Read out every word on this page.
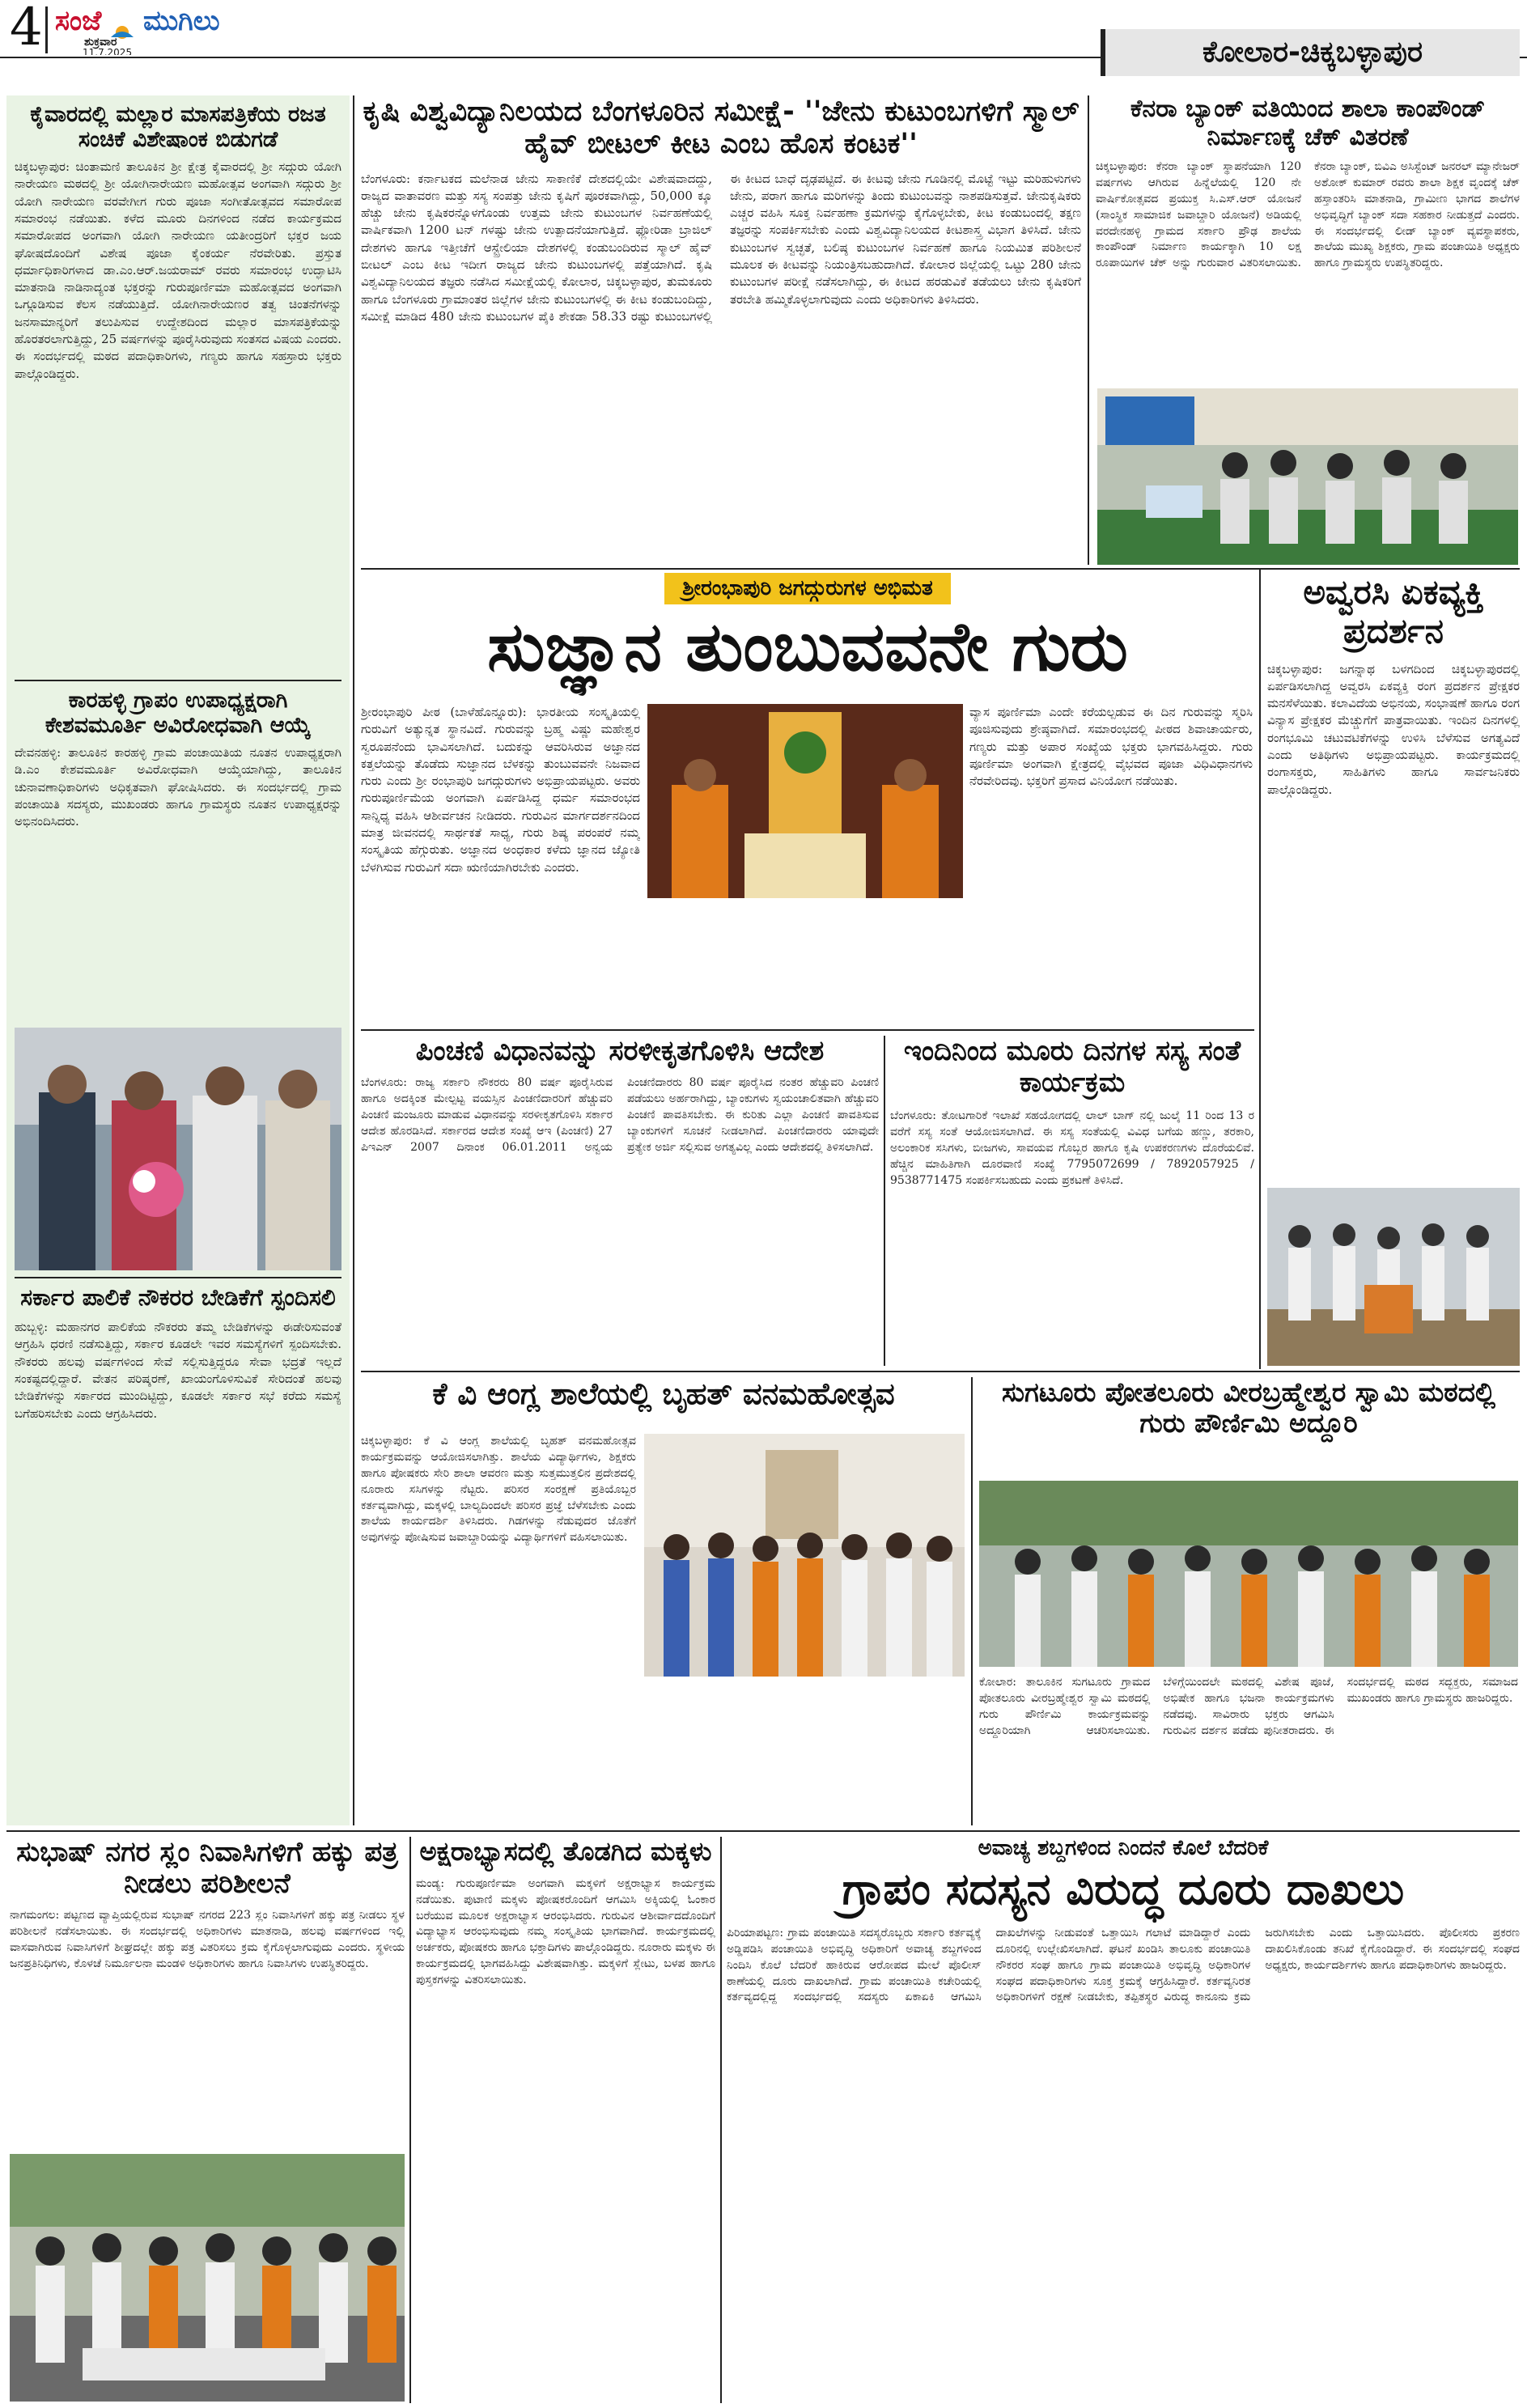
4 ಸಂಜೆ ಮುಗಿಲು
ಶುಕ್ರವಾರ
11.7.2025	ಕೋಲಾರ-ಚಿಕ್ಕಬಳ್ಳಾಪುರ
ಕೈವಾರದಲ್ಲಿ ಮಲ್ಲಾರ ಮಾಸಪತ್ರಿಕೆಯ ರಜತ ಸಂಚಿಕೆ ವಿಶೇಷಾಂಕ ಬಿಡುಗಡೆ
ಚಿಕ್ಕಬಳ್ಳಾಪುರ: ಚಿಂತಾಮಣಿ ತಾಲೂಕಿನ ಶ್ರೀ ಕ್ಷೇತ್ರ ಕೈವಾರದಲ್ಲಿ ಶ್ರೀ ಸದ್ಗುರು ಯೋಗಿ ನಾರೇಯಣ ಮಠದಲ್ಲಿ ಶ್ರೀ ಯೋಗಿನಾರೇಯಣ ಮಹೋತ್ಸವ ಅಂಗವಾಗಿ ಸದ್ಗುರು ಶ್ರೀ ಯೋಗಿ ನಾರೇಯಣ ವರವೇಗೀಗ ಗುರು ಪೂಜಾ ಸಂಗೀತೋತ್ಸವದ ಸಮಾರೋಪ ಸಮಾರಂಭ ನಡೆಯಿತು. ಕಳೆದ ಮೂರು ದಿನಗಳಿಂದ ನಡೆದ ಕಾರ್ಯಕ್ರಮದ ಸಮಾರೋಪದ ಅಂಗವಾಗಿ ಯೋಗಿ ನಾರೇಯಣ ಯತೀಂದ್ರರಿಗೆ ಭಕ್ತರ ಜಯ ಘೋಷದೊಂದಿಗೆ ವಿಶೇಷ ಪೂಜಾ ಕೈಂಕರ್ಯ ನೆರವೇರಿತು. ಪ್ರಸ್ತುತ ಧರ್ಮಾಧಿಕಾರಿಗಳಾದ ಡಾ.ಎಂ.ಆರ್.ಜಯರಾಮ್ ರವರು ಸಮಾರಂಭ ಉದ್ಘಾಟಿಸಿ ಮಾತನಾಡಿ ನಾಡಿನಾದ್ಯಂತ ಭಕ್ತರನ್ನು ಗುರುಪೂರ್ಣಿಮಾ ಮಹೋತ್ಸವದ ಅಂಗವಾಗಿ ಒಗ್ಗೂಡಿಸುವ ಕೆಲಸ ನಡೆಯುತ್ತಿದೆ. ಯೋಗಿನಾರೇಯಣರ ತತ್ವ ಚಿಂತನೆಗಳನ್ನು ಜನಸಾಮಾನ್ಯರಿಗೆ ತಲುಪಿಸುವ ಉದ್ದೇಶದಿಂದ ಮಲ್ಲಾರ ಮಾಸಪತ್ರಿಕೆಯನ್ನು ಹೊರತರಲಾಗುತ್ತಿದ್ದು, 25 ವರ್ಷಗಳನ್ನು ಪೂರೈಸಿರುವುದು ಸಂತಸದ ವಿಷಯ ಎಂದರು. ಈ ಸಂದರ್ಭದಲ್ಲಿ ಮಠದ ಪದಾಧಿಕಾರಿಗಳು, ಗಣ್ಯರು ಹಾಗೂ ಸಹಸ್ರಾರು ಭಕ್ತರು ಪಾಲ್ಗೊಂಡಿದ್ದರು.
ಕಾರಹಳ್ಳಿ ಗ್ರಾಪಂ ಉಪಾಧ್ಯಕ್ಷರಾಗಿ ಕೇಶವಮೂರ್ತಿ ಅವಿರೋಧವಾಗಿ ಆಯ್ಕೆ
ದೇವನಹಳ್ಳಿ: ತಾಲೂಕಿನ ಕಾರಹಳ್ಳಿ ಗ್ರಾಮ ಪಂಚಾಯಿತಿಯ ನೂತನ ಉಪಾಧ್ಯಕ್ಷರಾಗಿ ಡಿ.ಎಂ ಕೇಶವಮೂರ್ತಿ ಅವಿರೋಧವಾಗಿ ಆಯ್ಕೆಯಾಗಿದ್ದು, ತಾಲೂಕಿನ ಚುನಾವಣಾಧಿಕಾರಿಗಳು ಅಧಿಕೃತವಾಗಿ ಘೋಷಿಸಿದರು. ಈ ಸಂದರ್ಭದಲ್ಲಿ ಗ್ರಾಮ ಪಂಚಾಯಿತಿ ಸದಸ್ಯರು, ಮುಖಂಡರು ಹಾಗೂ ಗ್ರಾಮಸ್ಥರು ನೂತನ ಉಪಾಧ್ಯಕ್ಷರನ್ನು ಅಭಿನಂದಿಸಿದರು.
ಸರ್ಕಾರ ಪಾಲಿಕೆ ನೌಕರರ ಬೇಡಿಕೆಗೆ ಸ್ಪಂದಿಸಲಿ
ಹುಬ್ಬಳ್ಳಿ: ಮಹಾನಗರ ಪಾಲಿಕೆಯ ನೌಕರರು ತಮ್ಮ ಬೇಡಿಕೆಗಳನ್ನು ಈಡೇರಿಸುವಂತೆ ಆಗ್ರಹಿಸಿ ಧರಣಿ ನಡೆಸುತ್ತಿದ್ದು, ಸರ್ಕಾರ ಕೂಡಲೇ ಇವರ ಸಮಸ್ಯೆಗಳಿಗೆ ಸ್ಪಂದಿಸಬೇಕು. ನೌಕರರು ಹಲವು ವರ್ಷಗಳಿಂದ ಸೇವೆ ಸಲ್ಲಿಸುತ್ತಿದ್ದರೂ ಸೇವಾ ಭದ್ರತೆ ಇಲ್ಲದೆ ಸಂಕಷ್ಟದಲ್ಲಿದ್ದಾರೆ. ವೇತನ ಪರಿಷ್ಕರಣೆ, ಖಾಯಂಗೊಳಿಸುವಿಕೆ ಸೇರಿದಂತೆ ಹಲವು ಬೇಡಿಕೆಗಳನ್ನು ಸರ್ಕಾರದ ಮುಂದಿಟ್ಟಿದ್ದು, ಕೂಡಲೇ ಸರ್ಕಾರ ಸಭೆ ಕರೆದು ಸಮಸ್ಯೆ ಬಗೆಹರಿಸಬೇಕು ಎಂದು ಆಗ್ರಹಿಸಿದರು.
ಕೃಷಿ ವಿಶ್ವವಿದ್ಯಾನಿಲಯದ ಬೆಂಗಳೂರಿನ ಸಮೀಕ್ಷೆ- ''ಜೇನು ಕುಟುಂಬಗಳಿಗೆ ಸ್ಮಾಲ್ ಹೈವ್ ಬೀಟಲ್ ಕೀಟ ಎಂಬ ಹೊಸ ಕಂಟಕ''
ಬೆಂಗಳೂರು: ಕರ್ನಾಟಕದ ಮಲೆನಾಡ ಜೇನು ಸಾಕಾಣಿಕೆ ದೇಶದಲ್ಲಿಯೇ ವಿಶೇಷವಾದದ್ದು, ರಾಜ್ಯದ ವಾತಾವರಣ ಮತ್ತು ಸಸ್ಯ ಸಂಪತ್ತು ಜೇನು ಕೃಷಿಗೆ ಪೂರಕವಾಗಿದ್ದು, 50,000 ಕ್ಕೂ ಹೆಚ್ಚು ಜೇನು ಕೃಷಿಕರನ್ನೊಳಗೊಂಡು ಉತ್ತಮ ಜೇನು ಕುಟುಂಬಗಳ ನಿರ್ವಹಣೆಯಲ್ಲಿ ವಾರ್ಷಿಕವಾಗಿ 1200 ಟನ್ ಗಳಷ್ಟು ಜೇನು ಉತ್ಪಾದನೆಯಾಗುತ್ತಿದೆ. ಫ್ಲೋರಿಡಾ ಬ್ರಾಜಿಲ್ ದೇಶಗಳು ಹಾಗೂ ಇತ್ತೀಚೆಗೆ ಆಸ್ಟ್ರೇಲಿಯಾ ದೇಶಗಳಲ್ಲಿ ಕಂಡುಬಂದಿರುವ ಸ್ಮಾಲ್ ಹೈವ್ ಬೀಟಲ್ ಎಂಬ ಕೀಟ ಇದೀಗ ರಾಜ್ಯದ ಜೇನು ಕುಟುಂಬಗಳಲ್ಲಿ ಪತ್ತೆಯಾಗಿದೆ. ಕೃಷಿ ವಿಶ್ವವಿದ್ಯಾನಿಲಯದ ತಜ್ಞರು ನಡೆಸಿದ ಸಮೀಕ್ಷೆಯಲ್ಲಿ ಕೋಲಾರ, ಚಿಕ್ಕಬಳ್ಳಾಪುರ, ತುಮಕೂರು ಹಾಗೂ ಬೆಂಗಳೂರು ಗ್ರಾಮಾಂತರ ಜಿಲ್ಲೆಗಳ ಜೇನು ಕುಟುಂಬಗಳಲ್ಲಿ ಈ ಕೀಟ ಕಂಡುಬಂದಿದ್ದು, ಸಮೀಕ್ಷೆ ಮಾಡಿದ 480 ಜೇನು ಕುಟುಂಬಗಳ ಪೈಕಿ ಶೇಕಡಾ 58.33 ರಷ್ಟು ಕುಟುಂಬಗಳಲ್ಲಿ ಈ ಕೀಟದ ಬಾಧೆ ದೃಢಪಟ್ಟಿದೆ. ಈ ಕೀಟವು ಜೇನು ಗೂಡಿನಲ್ಲಿ ಮೊಟ್ಟೆ ಇಟ್ಟು ಮರಿಹುಳುಗಳು ಜೇನು, ಪರಾಗ ಹಾಗೂ ಮರಿಗಳನ್ನು ತಿಂದು ಕುಟುಂಬವನ್ನು ನಾಶಪಡಿಸುತ್ತವೆ. ಜೇನುಕೃಷಿಕರು ಎಚ್ಚರ ವಹಿಸಿ ಸೂಕ್ತ ನಿರ್ವಹಣಾ ಕ್ರಮಗಳನ್ನು ಕೈಗೊಳ್ಳಬೇಕು, ಕೀಟ ಕಂಡುಬಂದಲ್ಲಿ ತಕ್ಷಣ ತಜ್ಞರನ್ನು ಸಂಪರ್ಕಿಸಬೇಕು ಎಂದು ವಿಶ್ವವಿದ್ಯಾನಿಲಯದ ಕೀಟಶಾಸ್ತ್ರ ವಿಭಾಗ ತಿಳಿಸಿದೆ. ಜೇನು ಕುಟುಂಬಗಳ ಸ್ವಚ್ಛತೆ, ಬಲಿಷ್ಠ ಕುಟುಂಬಗಳ ನಿರ್ವಹಣೆ ಹಾಗೂ ನಿಯಮಿತ ಪರಿಶೀಲನೆ ಮೂಲಕ ಈ ಕೀಟವನ್ನು ನಿಯಂತ್ರಿಸಬಹುದಾಗಿದೆ. ಕೋಲಾರ ಜಿಲ್ಲೆಯಲ್ಲಿ ಒಟ್ಟು 280 ಜೇನು ಕುಟುಂಬಗಳ ಪರೀಕ್ಷೆ ನಡೆಸಲಾಗಿದ್ದು, ಈ ಕೀಟದ ಹರಡುವಿಕೆ ತಡೆಯಲು ಜೇನು ಕೃಷಿಕರಿಗೆ ತರಬೇತಿ ಹಮ್ಮಿಕೊಳ್ಳಲಾಗುವುದು ಎಂದು ಅಧಿಕಾರಿಗಳು ತಿಳಿಸಿದರು.
ಕೆನರಾ ಬ್ಯಾಂಕ್ ವತಿಯಿಂದ ಶಾಲಾ ಕಾಂಪೌಂಡ್ ನಿರ್ಮಾಣಕ್ಕೆ ಚೆಕ್ ವಿತರಣೆ
ಚಿಕ್ಕಬಳ್ಳಾಪುರ: ಕೆನರಾ ಬ್ಯಾಂಕ್ ಸ್ಥಾಪನೆಯಾಗಿ 120 ವರ್ಷಗಳು ಆಗಿರುವ ಹಿನ್ನೆಲೆಯಲ್ಲಿ 120 ನೇ ವಾರ್ಷಿಕೋತ್ಸವದ ಪ್ರಯುಕ್ತ ಸಿ.ಎಸ್.ಆರ್ ಯೋಜನೆ (ಸಾಂಸ್ಥಿಕ ಸಾಮಾಜಿಕ ಜವಾಬ್ದಾರಿ ಯೋಜನೆ) ಅಡಿಯಲ್ಲಿ ವರದೇನಹಳ್ಳಿ ಗ್ರಾಮದ ಸರ್ಕಾರಿ ಪ್ರೌಢ ಶಾಲೆಯ ಕಾಂಪೌಂಡ್ ನಿರ್ಮಾಣ ಕಾರ್ಯಕ್ಕಾಗಿ 10 ಲಕ್ಷ ರೂಪಾಯಿಗಳ ಚೆಕ್ ಅನ್ನು ಗುರುವಾರ ವಿತರಿಸಲಾಯಿತು. ಕೆನರಾ ಬ್ಯಾಂಕ್, ಬಿವಿಎ ಅಸಿಸ್ಟೆಂಟ್ ಜನರಲ್ ಮ್ಯಾನೇಜರ್ ಅಶೋಕ್ ಕುಮಾರ್ ರವರು ಶಾಲಾ ಶಿಕ್ಷಕ ವೃಂದಕ್ಕೆ ಚೆಕ್ ಹಸ್ತಾಂತರಿಸಿ ಮಾತನಾಡಿ, ಗ್ರಾಮೀಣ ಭಾಗದ ಶಾಲೆಗಳ ಅಭಿವೃದ್ಧಿಗೆ ಬ್ಯಾಂಕ್ ಸದಾ ಸಹಕಾರ ನೀಡುತ್ತದೆ ಎಂದರು. ಈ ಸಂದರ್ಭದಲ್ಲಿ ಲೀಡ್ ಬ್ಯಾಂಕ್ ವ್ಯವಸ್ಥಾಪಕರು, ಶಾಲೆಯ ಮುಖ್ಯ ಶಿಕ್ಷಕರು, ಗ್ರಾಮ ಪಂಚಾಯಿತಿ ಅಧ್ಯಕ್ಷರು ಹಾಗೂ ಗ್ರಾಮಸ್ಥರು ಉಪಸ್ಥಿತರಿದ್ದರು.
ಶ್ರೀರಂಭಾಪುರಿ ಜಗದ್ಗುರುಗಳ ಅಭಿಮತ
ಸುಜ್ಞಾನ ತುಂಬುವವನೇ ಗುರು
ಶ್ರೀರಂಭಾಪುರಿ ಪೀಠ (ಬಾಳೆಹೊನ್ನೂರು): ಭಾರತೀಯ ಸಂಸ್ಕೃತಿಯಲ್ಲಿ ಗುರುವಿಗೆ ಅತ್ಯುನ್ನತ ಸ್ಥಾನವಿದೆ. ಗುರುವನ್ನು ಬ್ರಹ್ಮ ವಿಷ್ಣು ಮಹೇಶ್ವರ ಸ್ವರೂಪನೆಂದು ಭಾವಿಸಲಾಗಿದೆ. ಬದುಕನ್ನು ಆವರಿಸಿರುವ ಅಜ್ಞಾನದ ಕತ್ತಲೆಯನ್ನು ತೊಡೆದು ಸುಜ್ಞಾನದ ಬೆಳಕನ್ನು ತುಂಬುವವನೇ ನಿಜವಾದ ಗುರು ಎಂದು ಶ್ರೀ ರಂಭಾಪುರಿ ಜಗದ್ಗುರುಗಳು ಅಭಿಪ್ರಾಯಪಟ್ಟರು. ಅವರು ಗುರುಪೂರ್ಣಿಮೆಯ ಅಂಗವಾಗಿ ಏರ್ಪಡಿಸಿದ್ದ ಧರ್ಮ ಸಮಾರಂಭದ ಸಾನ್ನಿಧ್ಯ ವಹಿಸಿ ಆಶೀರ್ವಚನ ನೀಡಿದರು. ಗುರುವಿನ ಮಾರ್ಗದರ್ಶನದಿಂದ ಮಾತ್ರ ಜೀವನದಲ್ಲಿ ಸಾರ್ಥಕತೆ ಸಾಧ್ಯ, ಗುರು ಶಿಷ್ಯ ಪರಂಪರೆ ನಮ್ಮ ಸಂಸ್ಕೃತಿಯ ಹೆಗ್ಗುರುತು. ಅಜ್ಞಾನದ ಅಂಧಕಾರ ಕಳೆದು ಜ್ಞಾನದ ಜ್ಯೋತಿ ಬೆಳಗಿಸುವ ಗುರುವಿಗೆ ಸದಾ ಋಣಿಯಾಗಿರಬೇಕು ಎಂದರು.
ವ್ಯಾಸ ಪೂರ್ಣಿಮಾ ಎಂದೇ ಕರೆಯಲ್ಪಡುವ ಈ ದಿನ ಗುರುವನ್ನು ಸ್ಮರಿಸಿ ಪೂಜಿಸುವುದು ಶ್ರೇಷ್ಠವಾಗಿದೆ. ಸಮಾರಂಭದಲ್ಲಿ ಪೀಠದ ಶಿವಾಚಾರ್ಯರು, ಗಣ್ಯರು ಮತ್ತು ಅಪಾರ ಸಂಖ್ಯೆಯ ಭಕ್ತರು ಭಾಗವಹಿಸಿದ್ದರು. ಗುರು ಪೂರ್ಣಿಮಾ ಅಂಗವಾಗಿ ಕ್ಷೇತ್ರದಲ್ಲಿ ವೈಭವದ ಪೂಜಾ ವಿಧಿವಿಧಾನಗಳು ನೆರವೇರಿದವು. ಭಕ್ತರಿಗೆ ಪ್ರಸಾದ ವಿನಿಯೋಗ ನಡೆಯಿತು.

ಅವ್ವರಸಿ ಏಕವ್ಯಕ್ತಿ ಪ್ರದರ್ಶನ
ಚಿಕ್ಕಬಳ್ಳಾಪುರ: ಜಗನ್ನಾಥ ಬಳಗದಿಂದ ಚಿಕ್ಕಬಳ್ಳಾಪುರದಲ್ಲಿ ಏರ್ಪಡಿಸಲಾಗಿದ್ದ ಅವ್ವರಸಿ ಏಕವ್ಯಕ್ತಿ ರಂಗ ಪ್ರದರ್ಶನ ಪ್ರೇಕ್ಷಕರ ಮನಸೆಳೆಯಿತು. ಕಲಾವಿದೆಯ ಅಭಿನಯ, ಸಂಭಾಷಣೆ ಹಾಗೂ ರಂಗ ವಿನ್ಯಾಸ ಪ್ರೇಕ್ಷಕರ ಮೆಚ್ಚುಗೆಗೆ ಪಾತ್ರವಾಯಿತು. ಇಂದಿನ ದಿನಗಳಲ್ಲಿ ರಂಗಭೂಮಿ ಚಟುವಟಿಕೆಗಳನ್ನು ಉಳಿಸಿ ಬೆಳೆಸುವ ಅಗತ್ಯವಿದೆ ಎಂದು ಅತಿಥಿಗಳು ಅಭಿಪ್ರಾಯಪಟ್ಟರು. ಕಾರ್ಯಕ್ರಮದಲ್ಲಿ ರಂಗಾಸಕ್ತರು, ಸಾಹಿತಿಗಳು ಹಾಗೂ ಸಾರ್ವಜನಿಕರು ಪಾಲ್ಗೊಂಡಿದ್ದರು.
ಪಿಂಚಣಿ ವಿಧಾನವನ್ನು ಸರಳೀಕೃತಗೊಳಿಸಿ ಆದೇಶ
ಬೆಂಗಳೂರು: ರಾಜ್ಯ ಸರ್ಕಾರಿ ನೌಕರರು 80 ವರ್ಷ ಪೂರೈಸಿರುವ ಹಾಗೂ ಅದಕ್ಕಿಂತ ಮೇಲ್ಪಟ್ಟ ವಯಸ್ಸಿನ ಪಿಂಚಣಿದಾರರಿಗೆ ಹೆಚ್ಚುವರಿ ಪಿಂಚಣಿ ಮಂಜೂರು ಮಾಡುವ ವಿಧಾನವನ್ನು ಸರಳೀಕೃತಗೊಳಿಸಿ ಸರ್ಕಾರ ಆದೇಶ ಹೊರಡಿಸಿದೆ. ಸರ್ಕಾರದ ಆದೇಶ ಸಂಖ್ಯೆ ಆಇ (ಪಿಂಚಣಿ) 27 ಪಿಇಎನ್ 2007 ದಿನಾಂಕ 06.01.2011 ಅನ್ವಯ ಪಿಂಚಣಿದಾರರು 80 ವರ್ಷ ಪೂರೈಸಿದ ನಂತರ ಹೆಚ್ಚುವರಿ ಪಿಂಚಣಿ ಪಡೆಯಲು ಅರ್ಹರಾಗಿದ್ದು, ಬ್ಯಾಂಕುಗಳು ಸ್ವಯಂಚಾಲಿತವಾಗಿ ಹೆಚ್ಚುವರಿ ಪಿಂಚಣಿ ಪಾವತಿಸಬೇಕು. ಈ ಕುರಿತು ಎಲ್ಲಾ ಪಿಂಚಣಿ ಪಾವತಿಸುವ ಬ್ಯಾಂಕುಗಳಿಗೆ ಸೂಚನೆ ನೀಡಲಾಗಿದೆ. ಪಿಂಚಣಿದಾರರು ಯಾವುದೇ ಪ್ರತ್ಯೇಕ ಅರ್ಜಿ ಸಲ್ಲಿಸುವ ಅಗತ್ಯವಿಲ್ಲ ಎಂದು ಆದೇಶದಲ್ಲಿ ತಿಳಿಸಲಾಗಿದೆ.
ಇಂದಿನಿಂದ ಮೂರು ದಿನಗಳ ಸಸ್ಯ ಸಂತೆ ಕಾರ್ಯಕ್ರಮ
ಬೆಂಗಳೂರು: ತೋಟಗಾರಿಕೆ ಇಲಾಖೆ ಸಹಯೋಗದಲ್ಲಿ ಲಾಲ್ ಬಾಗ್ ನಲ್ಲಿ ಜುಲೈ 11 ರಿಂದ 13 ರ ವರೆಗೆ ಸಸ್ಯ ಸಂತೆ ಆಯೋಜಿಸಲಾಗಿದೆ. ಈ ಸಸ್ಯ ಸಂತೆಯಲ್ಲಿ ವಿವಿಧ ಬಗೆಯ ಹಣ್ಣು, ತರಕಾರಿ, ಅಲಂಕಾರಿಕ ಸಸಿಗಳು, ಬೀಜಗಳು, ಸಾವಯವ ಗೊಬ್ಬರ ಹಾಗೂ ಕೃಷಿ ಉಪಕರಣಗಳು ದೊರೆಯಲಿವೆ. ಹೆಚ್ಚಿನ ಮಾಹಿತಿಗಾಗಿ ದೂರವಾಣಿ ಸಂಖ್ಯೆ 7795072699 / 7892057925 / 9538771475 ಸಂಪರ್ಕಿಸಬಹುದು ಎಂದು ಪ್ರಕಟಣೆ ತಿಳಿಸಿದೆ.
ಕೆ ವಿ ಆಂಗ್ಲ ಶಾಲೆಯಲ್ಲಿ ಬೃಹತ್ ವನಮಹೋತ್ಸವ
ಚಿಕ್ಕಬಳ್ಳಾಪುರ: ಕೆ ವಿ ಆಂಗ್ಲ ಶಾಲೆಯಲ್ಲಿ ಬೃಹತ್ ವನಮಹೋತ್ಸವ ಕಾರ್ಯಕ್ರಮವನ್ನು ಆಯೋಜಿಸಲಾಗಿತ್ತು. ಶಾಲೆಯ ವಿದ್ಯಾರ್ಥಿಗಳು, ಶಿಕ್ಷಕರು ಹಾಗೂ ಪೋಷಕರು ಸೇರಿ ಶಾಲಾ ಆವರಣ ಮತ್ತು ಸುತ್ತಮುತ್ತಲಿನ ಪ್ರದೇಶದಲ್ಲಿ ನೂರಾರು ಸಸಿಗಳನ್ನು ನೆಟ್ಟರು. ಪರಿಸರ ಸಂರಕ್ಷಣೆ ಪ್ರತಿಯೊಬ್ಬರ ಕರ್ತವ್ಯವಾಗಿದ್ದು, ಮಕ್ಕಳಲ್ಲಿ ಬಾಲ್ಯದಿಂದಲೇ ಪರಿಸರ ಪ್ರಜ್ಞೆ ಬೆಳೆಸಬೇಕು ಎಂದು ಶಾಲೆಯ ಕಾರ್ಯದರ್ಶಿ ತಿಳಿಸಿದರು. ಗಿಡಗಳನ್ನು ನೆಡುವುದರ ಜೊತೆಗೆ ಅವುಗಳನ್ನು ಪೋಷಿಸುವ ಜವಾಬ್ದಾರಿಯನ್ನು ವಿದ್ಯಾರ್ಥಿಗಳಿಗೆ ವಹಿಸಲಾಯಿತು.

ಸುಗಟೂರು ಪೋತಲೂರು ವೀರಬ್ರಹ್ಮೇಶ್ವರ ಸ್ವಾಮಿ ಮಠದಲ್ಲಿ ಗುರು ಪೌರ್ಣಿಮಿ ಅದ್ದೂರಿ
ಕೋಲಾರ: ತಾಲೂಕಿನ ಸುಗಟೂರು ಗ್ರಾಮದ ಪೋತಲೂರು ವೀರಬ್ರಹ್ಮೇಶ್ವರ ಸ್ವಾಮಿ ಮಠದಲ್ಲಿ ಗುರು ಪೌರ್ಣಿಮಿ ಕಾರ್ಯಕ್ರಮವನ್ನು ಅದ್ದೂರಿಯಾಗಿ ಆಚರಿಸಲಾಯಿತು. ಬೆಳಿಗ್ಗೆಯಿಂದಲೇ ಮಠದಲ್ಲಿ ವಿಶೇಷ ಪೂಜೆ, ಅಭಿಷೇಕ ಹಾಗೂ ಭಜನಾ ಕಾರ್ಯಕ್ರಮಗಳು ನಡೆದವು. ಸಾವಿರಾರು ಭಕ್ತರು ಆಗಮಿಸಿ ಗುರುವಿನ ದರ್ಶನ ಪಡೆದು ಪುನೀತರಾದರು. ಈ ಸಂದರ್ಭದಲ್ಲಿ ಮಠದ ಸದ್ಭಕ್ತರು, ಸಮಾಜದ ಮುಖಂಡರು ಹಾಗೂ ಗ್ರಾಮಸ್ಥರು ಹಾಜರಿದ್ದರು.
ಸುಭಾಷ್ ನಗರ ಸ್ಲಂ ನಿವಾಸಿಗಳಿಗೆ ಹಕ್ಕು ಪತ್ರ ನೀಡಲು ಪರಿಶೀಲನೆ
ನಾಗಮಂಗಲ: ಪಟ್ಟಣದ ವ್ಯಾಪ್ತಿಯಲ್ಲಿರುವ ಸುಭಾಷ್ ನಗರದ 223 ಸ್ಲಂ ನಿವಾಸಿಗಳಿಗೆ ಹಕ್ಕು ಪತ್ರ ನೀಡಲು ಸ್ಥಳ ಪರಿಶೀಲನೆ ನಡೆಸಲಾಯಿತು. ಈ ಸಂದರ್ಭದಲ್ಲಿ ಅಧಿಕಾರಿಗಳು ಮಾತನಾಡಿ, ಹಲವು ವರ್ಷಗಳಿಂದ ಇಲ್ಲಿ ವಾಸವಾಗಿರುವ ನಿವಾಸಿಗಳಿಗೆ ಶೀಘ್ರದಲ್ಲೇ ಹಕ್ಕು ಪತ್ರ ವಿತರಿಸಲು ಕ್ರಮ ಕೈಗೊಳ್ಳಲಾಗುವುದು ಎಂದರು. ಸ್ಥಳೀಯ ಜನಪ್ರತಿನಿಧಿಗಳು, ಕೊಳಚೆ ನಿರ್ಮೂಲನಾ ಮಂಡಳಿ ಅಧಿಕಾರಿಗಳು ಹಾಗೂ ನಿವಾಸಿಗಳು ಉಪಸ್ಥಿತರಿದ್ದರು.
ಅಕ್ಷರಾಭ್ಯಾಸದಲ್ಲಿ ತೊಡಗಿದ ಮಕ್ಕಳು
ಮಂಡ್ಯ: ಗುರುಪೂರ್ಣಿಮಾ ಅಂಗವಾಗಿ ಮಕ್ಕಳಿಗೆ ಅಕ್ಷರಾಭ್ಯಾಸ ಕಾರ್ಯಕ್ರಮ ನಡೆಯಿತು. ಪುಟಾಣಿ ಮಕ್ಕಳು ಪೋಷಕರೊಂದಿಗೆ ಆಗಮಿಸಿ ಅಕ್ಕಿಯಲ್ಲಿ ಓಂಕಾರ ಬರೆಯುವ ಮೂಲಕ ಅಕ್ಷರಾಭ್ಯಾಸ ಆರಂಭಿಸಿದರು. ಗುರುವಿನ ಆಶೀರ್ವಾದದೊಂದಿಗೆ ವಿದ್ಯಾಭ್ಯಾಸ ಆರಂಭಿಸುವುದು ನಮ್ಮ ಸಂಸ್ಕೃತಿಯ ಭಾಗವಾಗಿದೆ. ಕಾರ್ಯಕ್ರಮದಲ್ಲಿ ಅರ್ಚಕರು, ಪೋಷಕರು ಹಾಗೂ ಭಕ್ತಾದಿಗಳು ಪಾಲ್ಗೊಂಡಿದ್ದರು. ನೂರಾರು ಮಕ್ಕಳು ಈ ಕಾರ್ಯಕ್ರಮದಲ್ಲಿ ಭಾಗವಹಿಸಿದ್ದು ವಿಶೇಷವಾಗಿತ್ತು. ಮಕ್ಕಳಿಗೆ ಸ್ಲೇಟು, ಬಳಪ ಹಾಗೂ ಪುಸ್ತಕಗಳನ್ನು ವಿತರಿಸಲಾಯಿತು.
ಅವಾಚ್ಯ ಶಬ್ದಗಳಿಂದ ನಿಂದನೆ ಕೊಲೆ ಬೆದರಿಕೆ
ಗ್ರಾಪಂ ಸದಸ್ಯನ ವಿರುದ್ಧ ದೂರು ದಾಖಲು
ಪಿರಿಯಾಪಟ್ಟಣ: ಗ್ರಾಮ ಪಂಚಾಯಿತಿ ಸದಸ್ಯರೊಬ್ಬರು ಸರ್ಕಾರಿ ಕರ್ತವ್ಯಕ್ಕೆ ಅಡ್ಡಿಪಡಿಸಿ ಪಂಚಾಯಿತಿ ಅಭಿವೃದ್ಧಿ ಅಧಿಕಾರಿಗೆ ಅವಾಚ್ಯ ಶಬ್ದಗಳಿಂದ ನಿಂದಿಸಿ ಕೊಲೆ ಬೆದರಿಕೆ ಹಾಕಿರುವ ಆರೋಪದ ಮೇಲೆ ಪೊಲೀಸ್ ಠಾಣೆಯಲ್ಲಿ ದೂರು ದಾಖಲಾಗಿದೆ. ಗ್ರಾಮ ಪಂಚಾಯಿತಿ ಕಚೇರಿಯಲ್ಲಿ ಕರ್ತವ್ಯದಲ್ಲಿದ್ದ ಸಂದರ್ಭದಲ್ಲಿ ಸದಸ್ಯರು ಏಕಾಏಕಿ ಆಗಮಿಸಿ ದಾಖಲೆಗಳನ್ನು ನೀಡುವಂತೆ ಒತ್ತಾಯಿಸಿ ಗಲಾಟೆ ಮಾಡಿದ್ದಾರೆ ಎಂದು ದೂರಿನಲ್ಲಿ ಉಲ್ಲೇಖಿಸಲಾಗಿದೆ. ಘಟನೆ ಖಂಡಿಸಿ ತಾಲೂಕು ಪಂಚಾಯಿತಿ ನೌಕರರ ಸಂಘ ಹಾಗೂ ಗ್ರಾಮ ಪಂಚಾಯಿತಿ ಅಭಿವೃದ್ಧಿ ಅಧಿಕಾರಿಗಳ ಸಂಘದ ಪದಾಧಿಕಾರಿಗಳು ಸೂಕ್ತ ಕ್ರಮಕ್ಕೆ ಆಗ್ರಹಿಸಿದ್ದಾರೆ. ಕರ್ತವ್ಯನಿರತ ಅಧಿಕಾರಿಗಳಿಗೆ ರಕ್ಷಣೆ ನೀಡಬೇಕು, ತಪ್ಪಿತಸ್ಥರ ವಿರುದ್ಧ ಕಾನೂನು ಕ್ರಮ ಜರುಗಿಸಬೇಕು ಎಂದು ಒತ್ತಾಯಿಸಿದರು. ಪೊಲೀಸರು ಪ್ರಕರಣ ದಾಖಲಿಸಿಕೊಂಡು ತನಿಖೆ ಕೈಗೊಂಡಿದ್ದಾರೆ. ಈ ಸಂದರ್ಭದಲ್ಲಿ ಸಂಘದ ಅಧ್ಯಕ್ಷರು, ಕಾರ್ಯದರ್ಶಿಗಳು ಹಾಗೂ ಪದಾಧಿಕಾರಿಗಳು ಹಾಜರಿದ್ದರು.
